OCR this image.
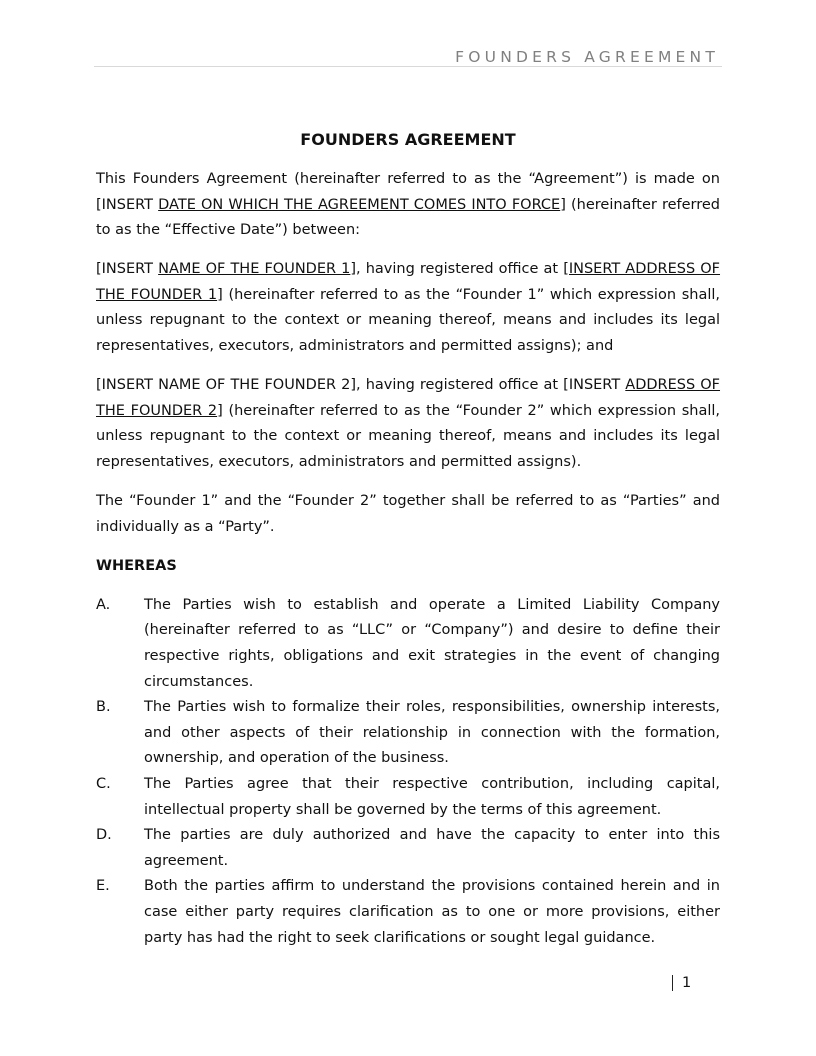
FOUNDERS AGREEMENT
FOUNDERS AGREEMENT

This Founders Agreement (hereinafter referred to as the “Agreement”) is made on [INSERT DATE ON WHICH THE AGREEMENT COMES INTO FORCE] (hereinafter referred to as the “Effective Date”) between:

[INSERT NAME OF THE FOUNDER 1], having registered office at [INSERT ADDRESS OF THE FOUNDER 1] (hereinafter referred to as the “Founder 1” which expression shall, unless repugnant to the context or meaning thereof, means and includes its legal representatives, executors, administrators and permitted assigns); and

[INSERT NAME OF THE FOUNDER 2], having registered office at [INSERT ADDRESS OF THE FOUNDER 2] (hereinafter referred to as the “Founder 2” which expression shall, unless repugnant to the context or meaning thereof, means and includes its legal representatives, executors, administrators and permitted assigns).

The “Founder 1” and the “Founder 2” together shall be referred to as “Parties” and individually as a “Party”.

WHEREAS
A.	The Parties wish to establish and operate a Limited Liability Company (hereinafter referred to as “LLC” or “Company”) and desire to define their respective rights, obligations and exit strategies in the event of changing circumstances.
B.	The Parties wish to formalize their roles, responsibilities, ownership interests, and other aspects of their relationship in connection with the formation, ownership, and operation of the business.
C.	The Parties agree that their respective contribution, including capital, intellectual property shall be governed by the terms of this agreement.
D.	The parties are duly authorized and have the capacity to enter into this agreement.
E.	Both the parties affirm to understand the provisions contained herein and in case either party requires clarification as to one or more provisions, either party has had the right to seek clarifications or sought legal guidance.
1
